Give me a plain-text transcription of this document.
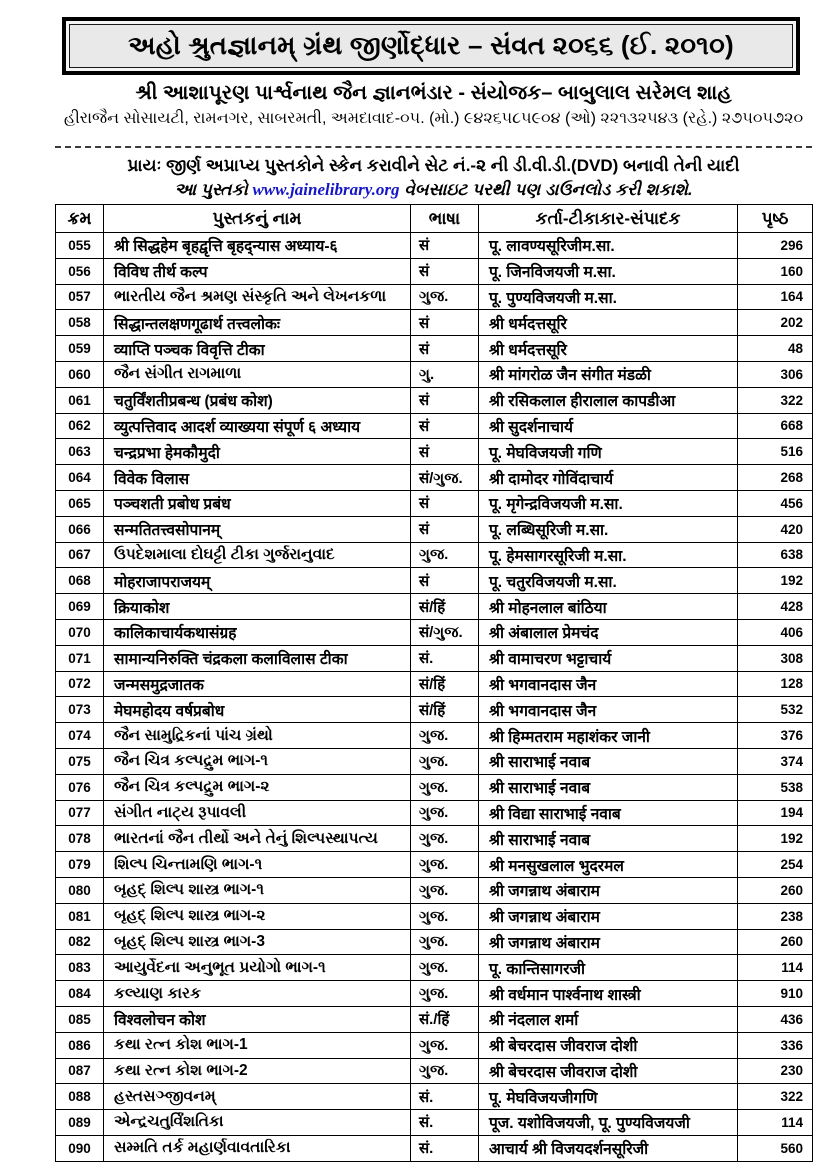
અહો શ્રુતજ્ઞાનમ્ ગ્રંથ જીર્ણોદ્ધાર – સંવત ૨૦૬૬ (ઈ. ૨૦૧૦)
શ્રી આશાપૂરણ પાર્શ્વનાથ જૈન જ્ઞાનભંડાર - સંયોજક– બાબુલાલ સરેમલ શાહ
હીરાજૈન સોસાયટી, રામનગર, સાબરમતી, અમદાવાદ-૦૫. (મો.) ૯૪૨૬૫૮૫૯૦૪ (ઓ) ૨૨૧૩૨૫૪૩ (રહે.) ૨૭૫૦૫૭૨૦
પ્રાયઃ જીર્ણ અપ્રાપ્ય પુસ્તકોને સ્કેન કરાવીને સેટ નં.-૨ ની ડી.વી.ડી.(DVD) બનાવી તેની યાદી
આ પુસ્તકો www.jainelibrary.org વેબસાઇટ પરથી પણ ડાઉનલોડ કરી શકાશે.
ક્રમ	પુસ્તકનું નામ	ભાષા	કર્તા-ટીકાકાર-સંપાદક	પૃષ્ઠ
055	श्री सिद्धहेम बृहद्वृत्ति बृहद्न्यास अध्याय-६	सं	पू. लावण्यसूरिजीम.सा.	296
056	विविध तीर्थ कल्प	सं	पू. जिनविजयजी म.सा.	160
057	ભારતીય જૈન શ્રમણ સંસ્કૃતિ અને લેખનકળા	ગુજ.	पू. पुण्यविजयजी म.सा.	164
058	सिद्धान्तलक्षणगूढार्थ तत्त्वलोकः	सं	श्री धर्मदत्तसूरि	202
059	व्याप्ति पञ्चक विवृत्ति टीका	सं	श्री धर्मदत्तसूरि	48
060	જૈન સંગીત રાગમાળા	ગુ.	श्री मांगरोळ जैन संगीत मंडळी	306
061	चतुर्विंशतीप्रबन्ध (प्रबंध कोश)	सं	श्री रसिकलाल हीरालाल कापडीआ	322
062	व्युत्पत्तिवाद आदर्श व्याख्यया संपूर्ण ६ अध्याय	सं	श्री सुदर्शनाचार्य	668
063	चन्द्रप्रभा हेमकौमुदी	सं	पू. मेघविजयजी गणि	516
064	विवेक विलास	सं/ગુજ.	श्री दामोदर गोविंदाचार्य	268
065	पञ्चशती प्रबोध प्रबंध	सं	पू. मृगेन्द्रविजयजी म.सा.	456
066	सन्मतितत्त्वसोपानम्	सं	पू. लब्धिसूरिजी म.सा.	420
067	ઉપદેશમાલા દોઘટ્ટી ટીકા ગુર્જરાનુવાદ	ગુજ.	पू. हेमसागरसूरिजी म.सा.	638
068	मोहराजापराजयम्	सं	पू. चतुरविजयजी म.सा.	192
069	क्रियाकोश	सं/हिं	श्री मोहनलाल बांठिया	428
070	कालिकाचार्यकथासंग्रह	सं/ગુજ.	श्री अंबालाल प्रेमचंद	406
071	सामान्यनिरुक्ति चंद्रकला कलाविलास टीका	सं.	श्री वामाचरण भट्टाचार्य	308
072	जन्मसमुद्रजातक	सं/हिं	श्री भगवानदास जैन	128
073	मेघमहोदय वर्षप्रबोध	सं/हिं	श्री भगवानदास जैन	532
074	જૈન સામુદ્રિકનાં પાંચ ગ્રંથો	ગુજ.	श्री हिम्मतराम महाशंकर जानी	376
075	જૈન ચિત્ર કલ્પદ્રુમ ભાગ-૧	ગુજ.	श्री साराभाई नवाब	374
076	જૈન ચિત્ર કલ્પદ્રુમ ભાગ-૨	ગુજ.	श्री साराभाई नवाब	538
077	સંગીત નાટ્ય રૂપાવલી	ગુજ.	श्री विद्या साराभाई नवाब	194
078	ભારતનાં જૈન તીર્થો અને તેનું શિલ્પસ્થાપત્ય	ગુજ.	श्री साराभाई नवाब	192
079	શિલ્પ ચિન્તામણિ ભાગ-૧	ગુજ.	श्री मनसुखलाल भुदरमल	254
080	બૃહદ્ શિલ્પ શાસ્ત્ર ભાગ-૧	ગુજ.	श्री जगन्नाथ अंबाराम	260
081	બૃહદ્ શિલ્પ શાસ્ત્ર ભાગ-૨	ગુજ.	श्री जगन्नाथ अंबाराम	238
082	બૃહદ્ શિલ્પ શાસ્ત્ર ભાગ-3	ગુજ.	श्री जगन्नाथ अंबाराम	260
083	આયુર્વેદના અનુભૂત પ્રયોગો ભાગ-૧	ગુજ.	पू. कान्तिसागरजी	114
084	કલ્યાણ કારક	ગુજ.	श्री वर्धमान पार्श्वनाथ शास्त्री	910
085	विश्वलोचन कोश	सं./हिं	श्री नंदलाल शर्मा	436
086	કથા રત્ન કોશ ભાગ-1	ગુજ.	श्री बेचरदास जीवराज दोशी	336
087	કથા રત્ન કોશ ભાગ-2	ગુજ.	श्री बेचरदास जीवराज दोशी	230
088	હસ્તસઞ્જીવનમ્	सं.	पू. मेघविजयजीगणि	322
089	એન્દ્રચતુર્વિંશતિકા	सं.	पूज. यशोविजयजी, पू. पुण्यविजयजी	114
090	સમ્મતિ તર્ક મહાર્ણવાવતારિકા	सं.	आचार्य श्री विजयदर्शनसूरिजी	560
